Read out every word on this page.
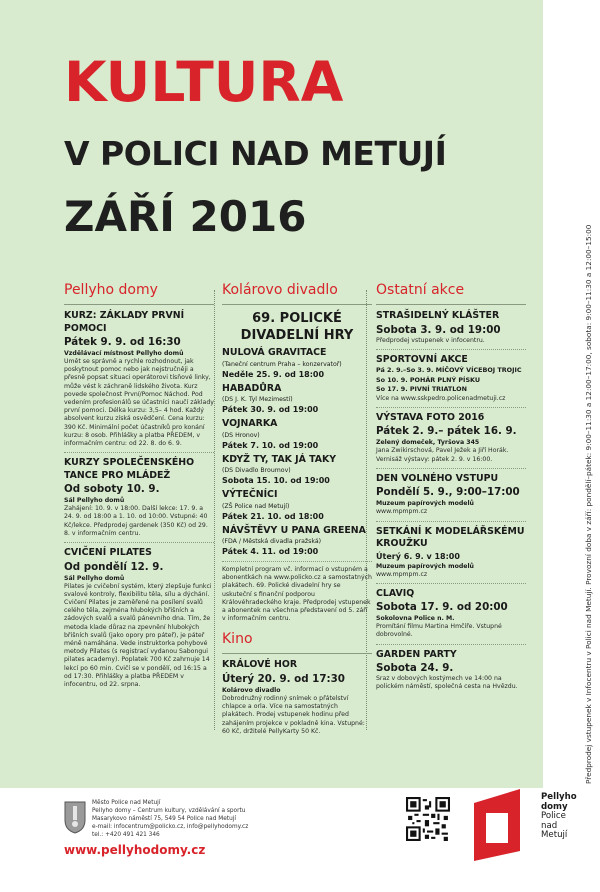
KULTURA
V POLICI NAD METUJÍ
ZÁŘÍ 2016
Předprodej vstupenek v Infocentru v Polici nad Metují. Provozní doba v září: pondělí–pátek: 9:00–11:30 a 12:00–17:00, sobota: 9:00–11:30 a 12:00–15:00
Pellyho domy
KURZ: ZÁKLADY PRVNÍ POMOCI
Pátek 9. 9. od 16:30
Vzdělávací místnost Pellyho domů
Umět se správně a rychle rozhodnout, jak poskytnout pomoc nebo jak nejstručněji a přesně popsat situaci operátorovi tísňové linky, může vést k záchraně lidského života. Kurz povede společnost První/Pomoc Náchod. Pod vedením profesionálů se účastníci naučí základy první pomoci. Délka kurzu: 3,5– 4 hod. Každý absolvent kurzu získá osvědčení. Cena kurzu: 390 Kč. Minimální počet účastníků pro konání kurzu: 8 osob. Přihlášky a platba PŘEDEM, v informačním centru: od 22. 8. do 6. 9.
KURZY SPOLEČENSKÉHO TANCE PRO MLÁDEŽ
Od soboty 10. 9.
Sál Pellyho domů
Zahájení: 10. 9. v 18:00. Další lekce: 17. 9. a 24. 9. od 18:00 a 1. 10. od 10:00. Vstupné: 40 Kč/lekce. Předprodej gardenek (350 Kč) od 29. 8. v informačním centru.
CVIČENÍ PILATES
Od pondělí 12. 9.
Sál Pellyho domů
Pilates je cvičební systém, který zlepšuje funkci svalové kontroly, flexibilitu těla, sílu a dýchání. Cvičení Pilates je zaměřené na posílení svalů celého těla, zejména hlubokých břišních a zádových svalů a svalů pánevního dna. Tím, že metoda klade důraz na zpevnění hlubokých břišních svalů (jako opory pro páteř), je páteř méně namáhána. Vede instruktorka pohybové metody Pilates (s registrací vydanou Sabongui pilates academy). Poplatek 700 Kč zahrnuje 14 lekcí po 60 min. Cvičí se v pondělí, od 16:15 a od 17:30. Přihlášky a platba PŘEDEM v infocentru, od 22. srpna.
Kolárovo divadlo
69. POLICKÉ DIVADELNÍ HRY
NULOVÁ GRAVITACE
(Taneční centrum Praha – konzervatoř)
Neděle 25. 9. od 18:00
HABADŮRA
(DS J. K. Tyl Mezimestí)
Pátek 30. 9. od 19:00
VOJNARKA
(DS Hronov)
Pátek 7. 10. od 19:00
KDYŽ TY, TAK JÁ TAKY
(DS Divadlo Broumov)
Sobota 15. 10. od 19:00
VÝTEČNÍCI
(ZŠ Police nad Metují)
Pátek 21. 10. od 18:00
NÁVŠTĚVY U PANA GREENA
(FDA / Městská divadla pražská)
Pátek 4. 11. od 19:00
Kompletní program vč. informací o vstupném a abonentkách na www.policko.cz a samostatných plakátech. 69. Polické divadelní hry se uskuteční s finanční podporou Královéhradeckého kraje. Předprodej vstupenek a abonentek na všechna představení od 5. září v informačním centru.
Kino
KRÁLOVÉ HOR
Úterý 20. 9. od 17:30
Kolárovo divadlo
Dobrodružný rodinný snímek o přátelství chlapce a orla. Více na samostatných plakátech. Prodej vstupenek hodinu před zahájením projekce v pokladně kina. Vstupné: 60 Kč, držitelé PellyKarty 50 Kč.
Ostatní akce
STRAŠIDELNÝ KLÁŠTER
Sobota 3. 9. od 19:00
Předprodej vstupenek v infocentru.
SPORTOVNÍ AKCE
Pá 2. 9.–So 3. 9. MÍČOVÝ VÍCEBOJ TROJIC
So 10. 9. POHÁR PLNÝ PÍSKU
So 17. 9. PIVNÍ TRIATLON
Více na www.sskpedro.policenadmetuji.cz
VÝSTAVA FOTO 2016
Pátek 2. 9.– pátek 16. 9.
Zelený domeček, Tyršova 345
Jana Zwikirschová, Pavel Ježek a Jiří Horák. Vernisáž výstavy: pátek 2. 9. v 16:00.
DEN VOLNÉHO VSTUPU
Pondělí 5. 9., 9:00–17:00
Muzeum papírových modelů
www.mpmpm.cz
SETKÁNÍ K MODELÁŘSKÉMU KROUŽKU
Úterý 6. 9. v 18:00
Muzeum papírových modelů
www.mpmpm.cz
CLAVIQ
Sobota 17. 9. od 20:00
Sokolovna Police n. M.
Promítání filmu Martina Hmčíře. Vstupné dobrovolné.
GARDEN PARTY
Sobota 24. 9.
Sraz v dobových kostýmech ve 14:00 na polickém náměstí, společná cesta na Hvězdu.
Město Police nad Metují
Pellyho domy – Centrum kultury, vzdělávání a sportu
Masarykovo náměstí 75, 549 54 Police nad Metují
e-mail: infocentrum@policko.cz, info@pellyhodomy.cz
tel.: +420 491 421 346
www.pellyhodomy.cz
Pellyho
domy
Police
nad
Metují
